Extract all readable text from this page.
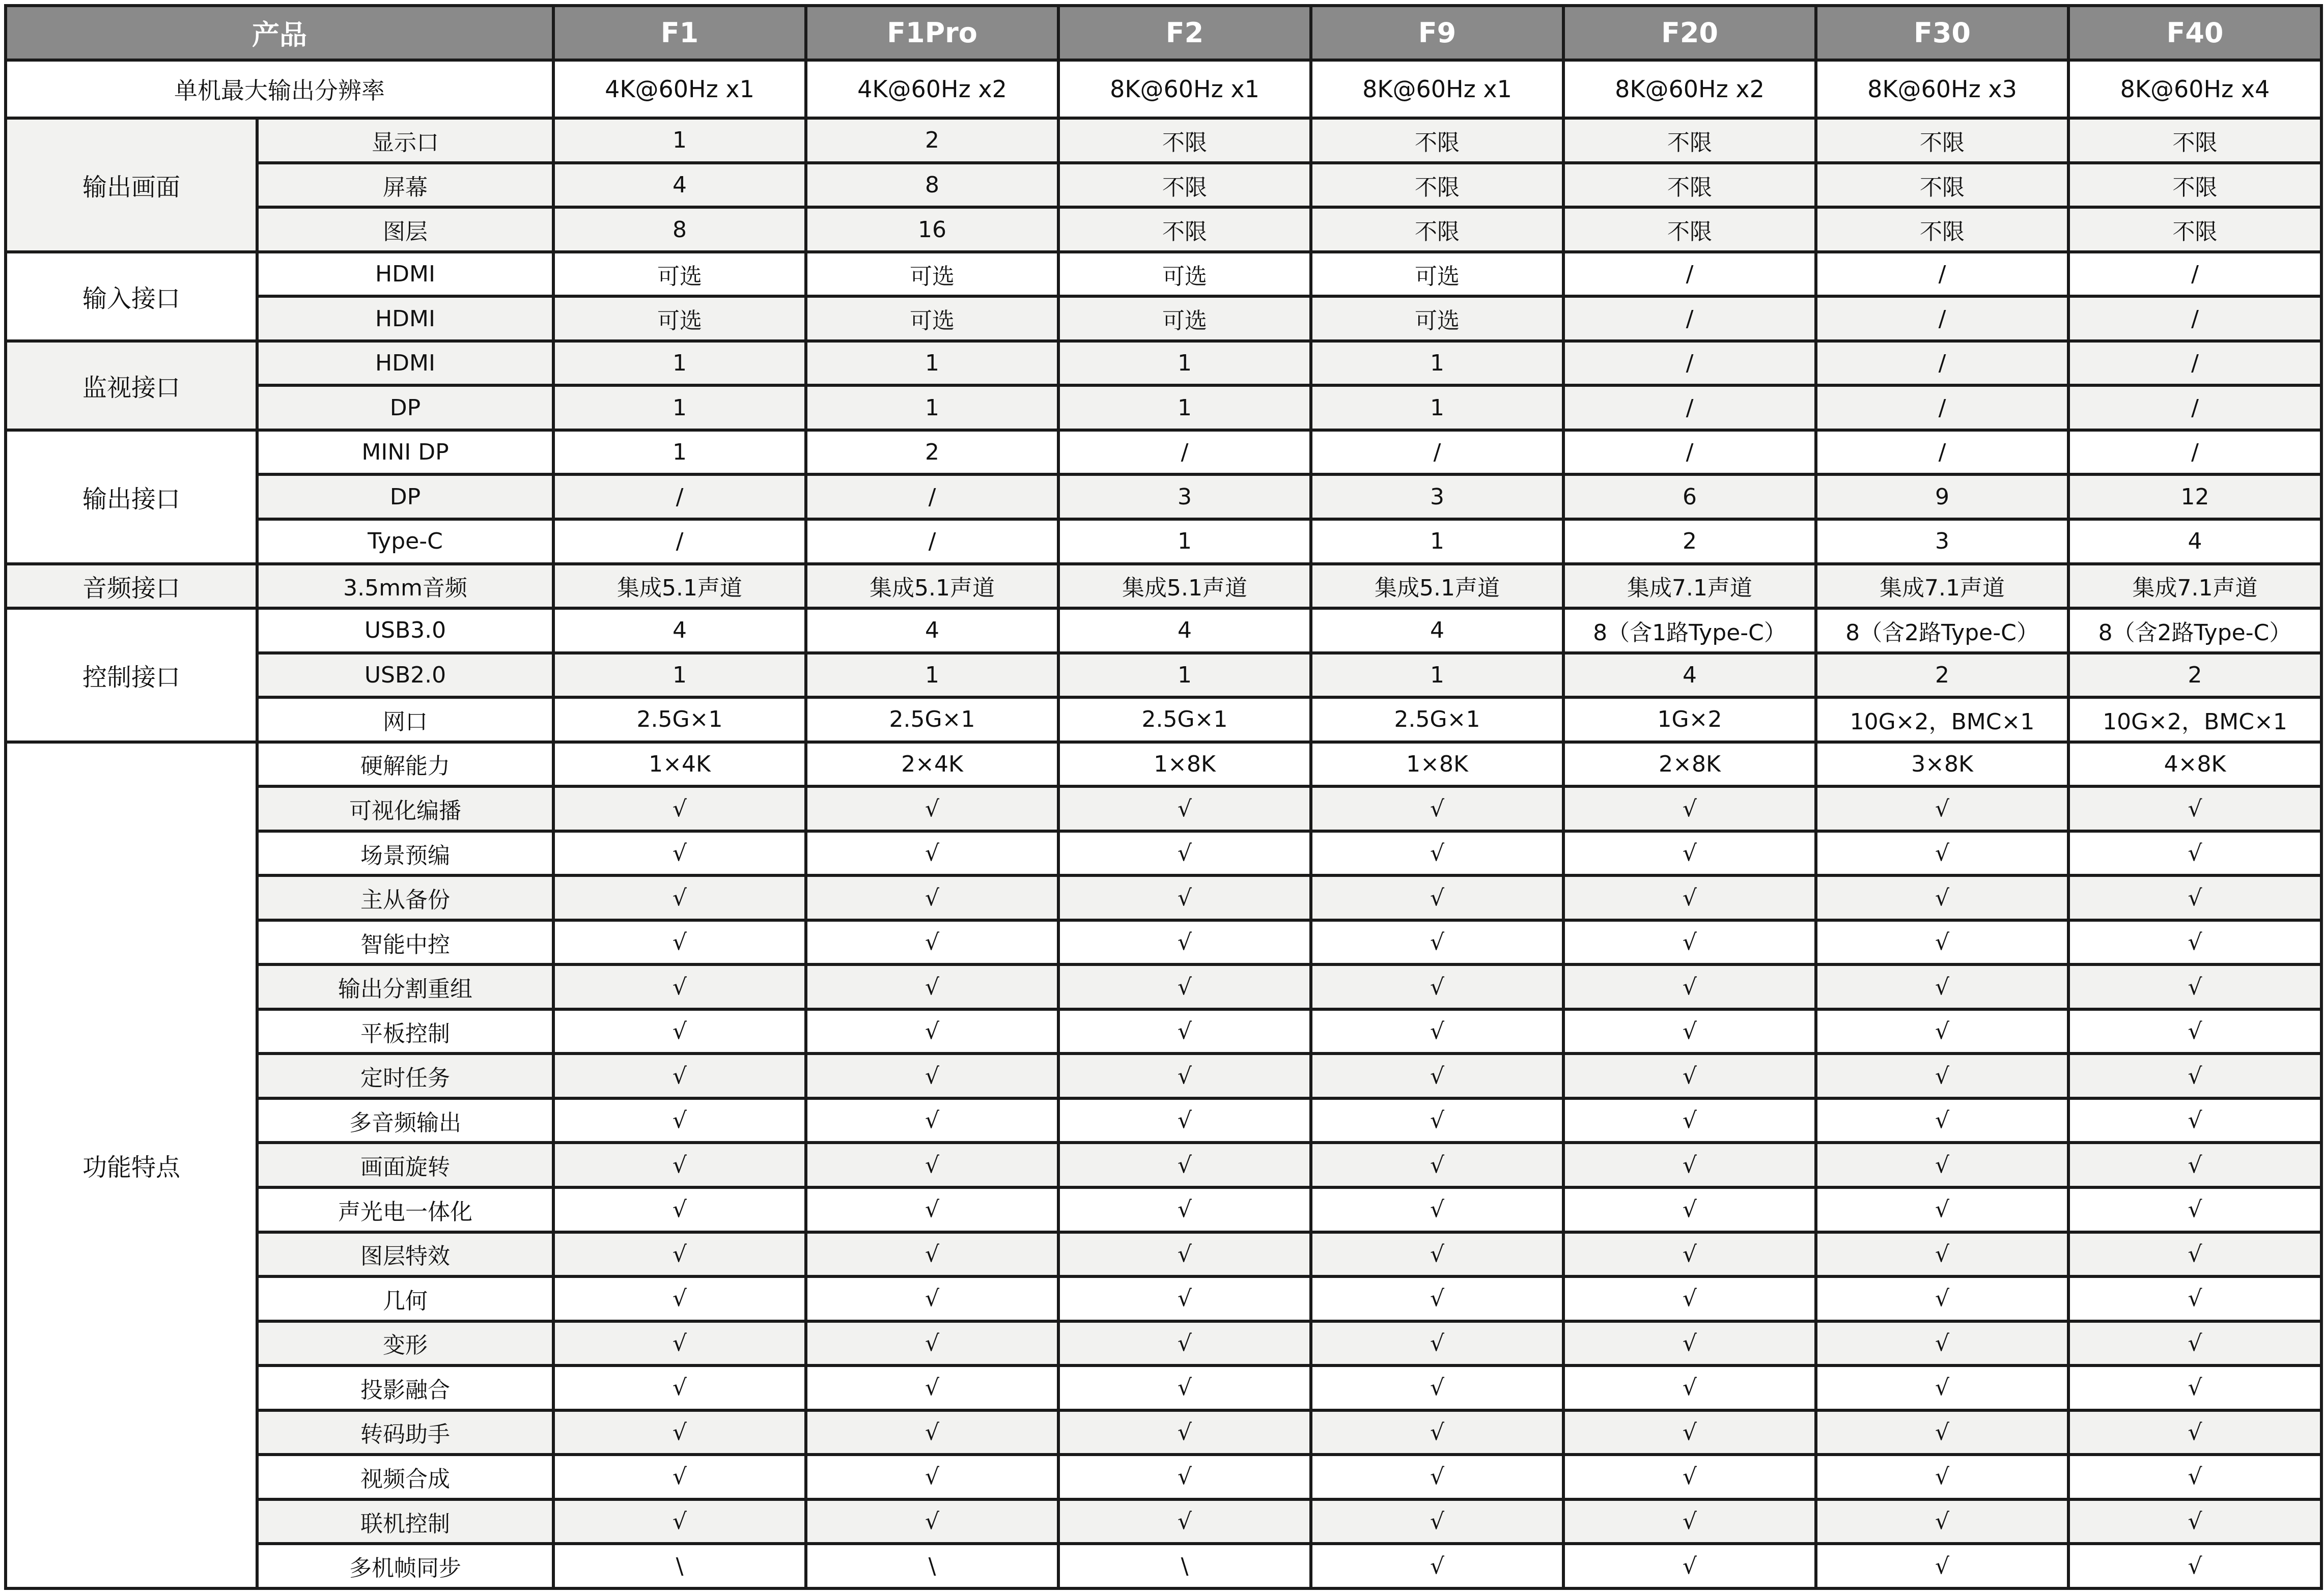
产品		F1	F1Pro	F2	F9	F20	F30	F40
单机最大输出分辨率		4K@60Hz x1	4K@60Hz x2	8K@60Hz x1	8K@60Hz x1	8K@60Hz x2	8K@60Hz x3	8K@60Hz x4
输出画面	显示口	1	2	不限	不限	不限	不限	不限
	屏幕	4	8	不限	不限	不限	不限	不限
	图层	8	16	不限	不限	不限	不限	不限
输入接口	HDMI	可选	可选	可选	可选	/	/	/
	HDMI	可选	可选	可选	可选	/	/	/
监视接口	HDMI	1	1	1	1	/	/	/
	DP	1	1	1	1	/	/	/
输出接口	MINI DP	1	2	/	/	/	/	/
	DP	/	/	3	3	6	9	12
	Type-C	/	/	1	1	2	3	4
音频接口	3.5mm音频	集成5.1声道	集成5.1声道	集成5.1声道	集成5.1声道	集成7.1声道	集成7.1声道	集成7.1声道
控制接口	USB3.0	4	4	4	4	8（含1路Type-C）	8（含2路Type-C）	8（含2路Type-C）
	USB2.0	1	1	1	1	4	2	2
	网口	2.5G×1	2.5G×1	2.5G×1	2.5G×1	1G×2	10G×2，BMC×1	10G×2，BMC×1
功能特点	硬解能力	1×4K	2×4K	1×8K	1×8K	2×8K	3×8K	4×8K
	可视化编播	√	√	√	√	√	√	√
	场景预编	√	√	√	√	√	√	√
	主从备份	√	√	√	√	√	√	√
	智能中控	√	√	√	√	√	√	√
	输出分割重组	√	√	√	√	√	√	√
	平板控制	√	√	√	√	√	√	√
	定时任务	√	√	√	√	√	√	√
	多音频输出	√	√	√	√	√	√	√
	画面旋转	√	√	√	√	√	√	√
	声光电一体化	√	√	√	√	√	√	√
	图层特效	√	√	√	√	√	√	√
	几何	√	√	√	√	√	√	√
	变形	√	√	√	√	√	√	√
	投影融合	√	√	√	√	√	√	√
	转码助手	√	√	√	√	√	√	√
	视频合成	√	√	√	√	√	√	√
	联机控制	√	√	√	√	√	√	√
	多机帧同步	\	\	\	√	√	√	√
